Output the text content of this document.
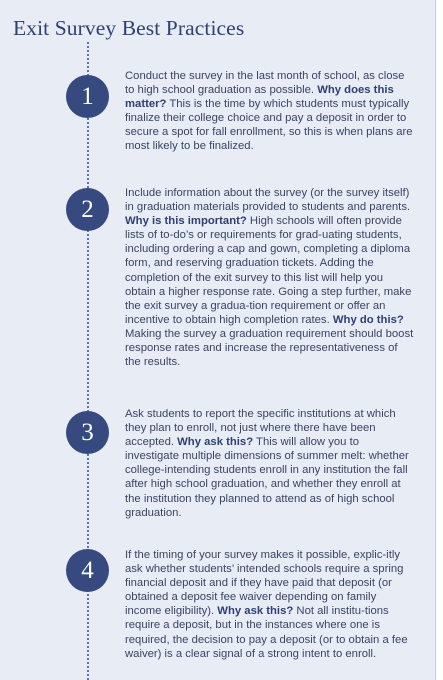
Exit Survey Best Practices
1

Conduct the survey in the last month of school, as close to high school graduation as possible. Why does this matter? This is the time by which students must typically finalize their college choice and pay a deposit in order to secure a spot for fall enrollment, so this is when plans are most likely to be finalized.

2

Include information about the survey (or the survey itself) in graduation materials provided to students and parents. Why is this important? High schools will often provide lists of to-do’s or requirements for grad-uating students, including ordering a cap and gown, completing a diploma form, and reserving graduation tickets. Adding the completion of the exit survey to this list will help you obtain a higher response rate. Going a step further, make the exit survey a gradua-tion requirement or offer an incentive to obtain high completion rates. Why do this? Making the survey a graduation requirement should boost response rates and increase the representativeness of the results.

3

Ask students to report the specific institutions at which they plan to enroll, not just where there have been accepted. Why ask this? This will allow you to investigate multiple dimensions of summer melt: whether college-intending students enroll in any institution the fall after high school graduation, and whether they enroll at the institution they planned to attend as of high school graduation.

4

If the timing of your survey makes it possible, explic-itly ask whether students’ intended schools require a spring financial deposit and if they have paid that deposit (or obtained a deposit fee waiver depending on family income eligibility). Why ask this? Not all institu-tions require a deposit, but in the instances where one is required, the decision to pay a deposit (or to obtain a fee waiver) is a clear signal of a strong intent to enroll.
